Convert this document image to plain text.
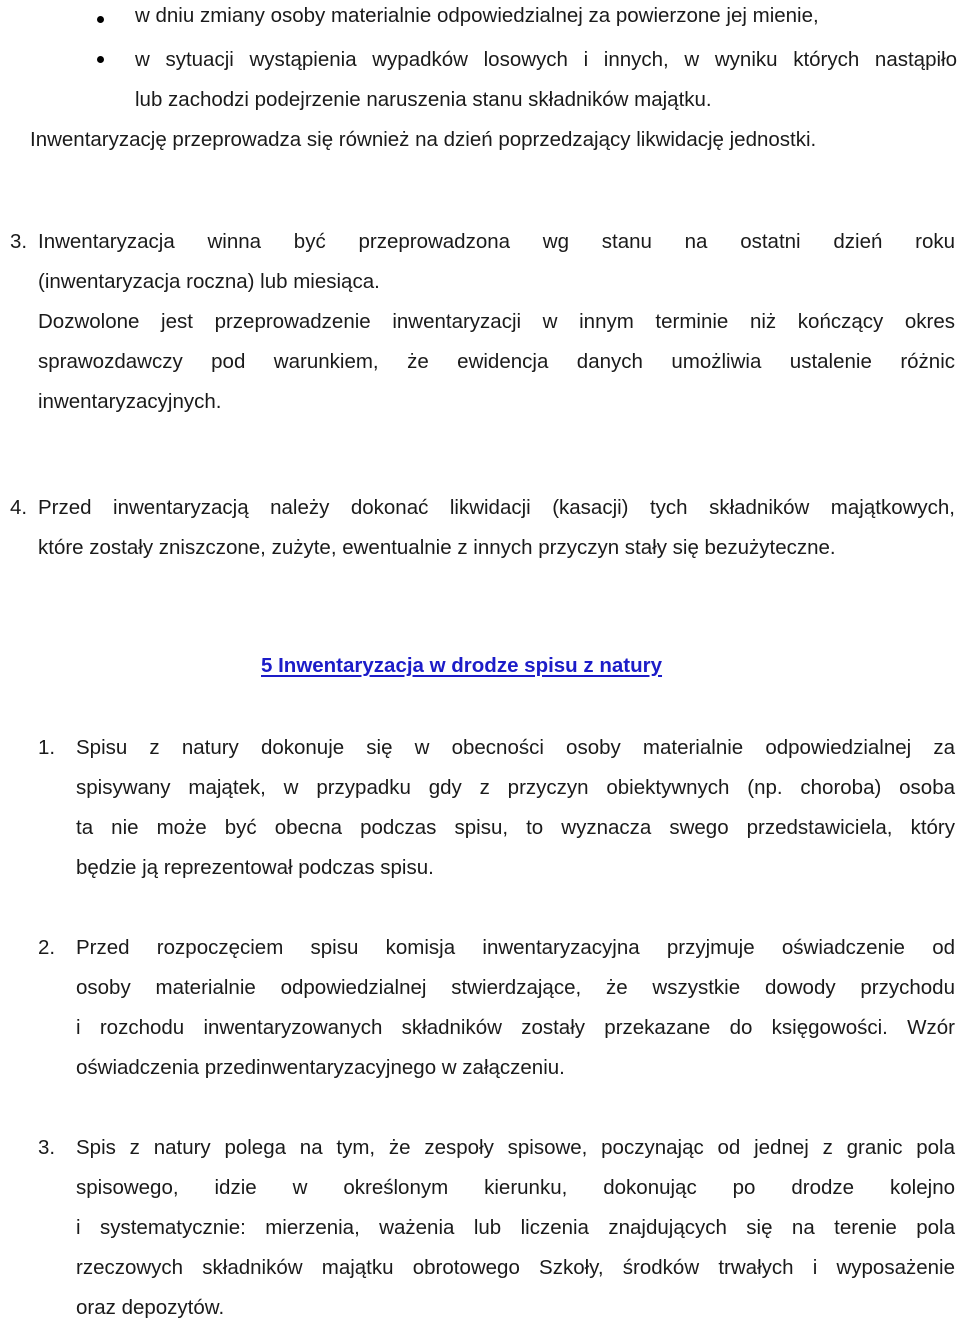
w dniu zmiany osoby materialnie odpowiedzialnej za powierzone jej mienie,
w sytuacji wystąpienia wypadków losowych i innych, w wyniku których nastąpiło
lub zachodzi podejrzenie naruszenia stanu składników majątku.
Inwentaryzację przeprowadza się również na dzień poprzedzający likwidację jednostki.
3. Inwentaryzacja winna być przeprowadzona wg stanu na ostatni dzień roku
(inwentaryzacja roczna) lub miesiąca.
Dozwolone jest przeprowadzenie inwentaryzacji w innym terminie niż kończący okres
sprawozdawczy pod warunkiem, że ewidencja danych umożliwia ustalenie różnic
inwentaryzacyjnych.
4. Przed inwentaryzacją należy dokonać likwidacji (kasacji) tych składników majątkowych,
które zostały zniszczone, zużyte, ewentualnie z innych przyczyn stały się bezużyteczne.
5 Inwentaryzacja w drodze spisu z natury
1. Spisu z natury dokonuje się w obecności osoby materialnie odpowiedzialnej za
spisywany majątek, w przypadku gdy z przyczyn obiektywnych (np. choroba) osoba
ta nie może być obecna podczas spisu, to wyznacza swego przedstawiciela, który
będzie ją reprezentował podczas spisu.
2. Przed rozpoczęciem spisu komisja inwentaryzacyjna przyjmuje oświadczenie od
osoby materialnie odpowiedzialnej stwierdzające, że wszystkie dowody przychodu
i rozchodu inwentaryzowanych składników zostały przekazane do księgowości. Wzór
oświadczenia przedinwentaryzacyjnego w załączeniu.
3. Spis z natury polega na tym, że zespoły spisowe, poczynając od jednej z granic pola
spisowego, idzie w określonym kierunku, dokonując po drodze kolejno
i systematycznie: mierzenia, ważenia lub liczenia znajdujących się na terenie pola
rzeczowych składników majątku obrotowego Szkoły, środków trwałych i wyposażenie
oraz depozytów.
